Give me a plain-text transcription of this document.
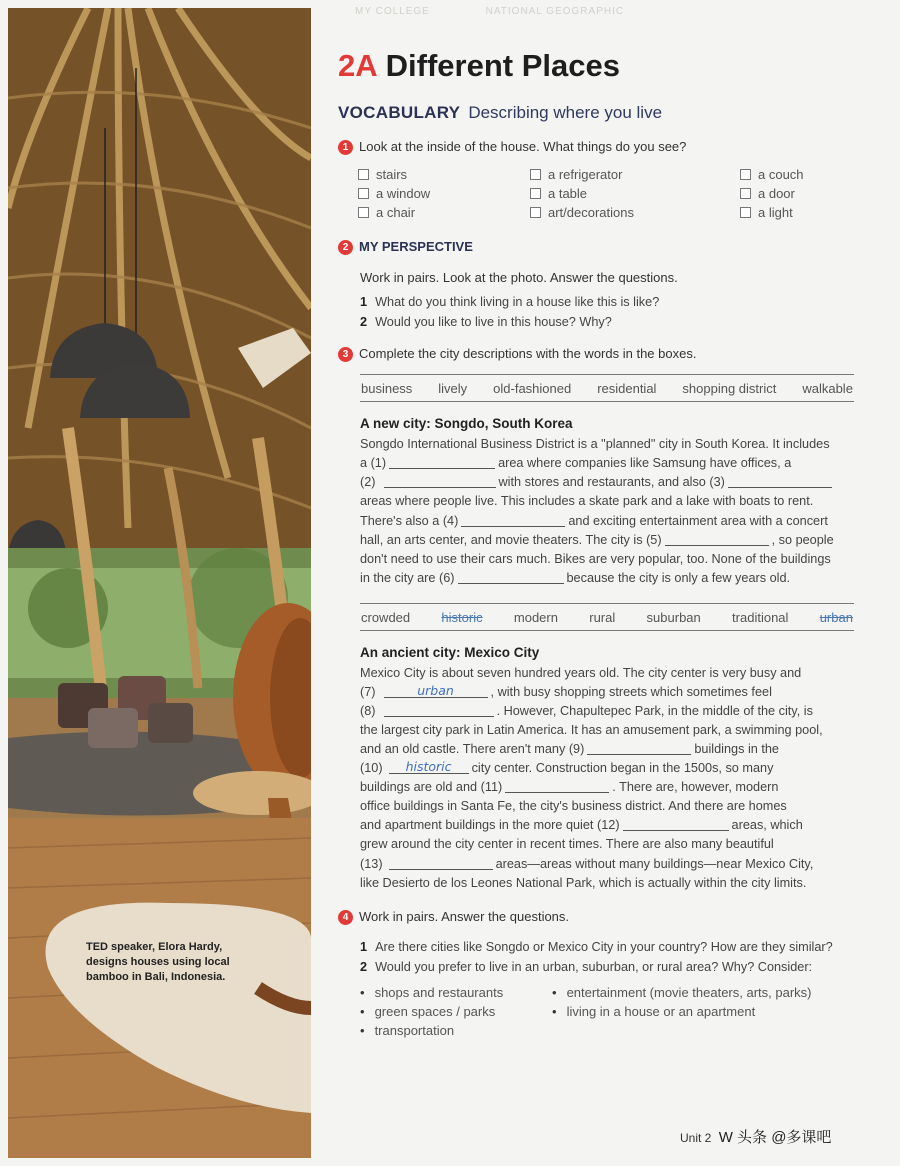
TED speaker, Elora Hardy, designs houses using local bamboo in Bali, Indonesia.
MY COLLEGE	NATIONAL GEOGRAPHIC
2A Different Places
VOCABULARY Describing where you live
1 Look at the inside of the house. What things do you see?
stairs	a refrigerator	a couch
a window	a table	a door
a chair	art/decorations	a light
2 MY PERSPECTIVE
Work in pairs. Look at the photo. Answer the questions.
1 What do you think living in a house like this is like?
2 Would you like to live in this house? Why?
3 Complete the city descriptions with the words in the boxes.
business lively old-fashioned residential shopping district walkable
A new city: Songdo, South Korea
Songdo International Business District is a "planned" city in South Korea. It includes
a (1)	area where companies like Samsung have offices, a
(2)	with stores and restaurants, and also (3)
areas where people live. This includes a skate park and a lake with boats to rent.
There's also a (4)	and exciting entertainment area with a concert
hall, an arts center, and movie theaters. The city is (5)	, so people
don't need to use their cars much. Bikes are very popular, too. None of the buildings
in the city are (6)	because the city is only a few years old.
crowded historic modern rural suburban traditional urban
An ancient city: Mexico City
Mexico City is about seven hundred years old. The city center is very busy and
(7)	urban	, with busy shopping streets which sometimes feel
(8)	. However, Chapultepec Park, in the middle of the city, is
the largest city park in Latin America. It has an amusement park, a swimming pool,
and an old castle. There aren't many (9)	buildings in the
(10) historic city center. Construction began in the 1500s, so many
buildings are old and (11)	. There are, however, modern
office buildings in Santa Fe, the city's business district. And there are homes
and apartment buildings in the more quiet (12)	areas, which
grew around the city center in recent times. There are also many beautiful
(13)	areas—areas without many buildings—near Mexico City,
like Desierto de los Leones National Park, which is actually within the city limits.
4 Work in pairs. Answer the questions.
1 Are there cities like Songdo or Mexico City in your country? How are they similar?
2 Would you prefer to live in an urban, suburban, or rural area? Why? Consider:
• shops and restaurants	• entertainment (movie theaters, arts, parks)
• green spaces / parks	• living in a house or an apartment
• transportation
Unit 2 W 头条 @多课吧
